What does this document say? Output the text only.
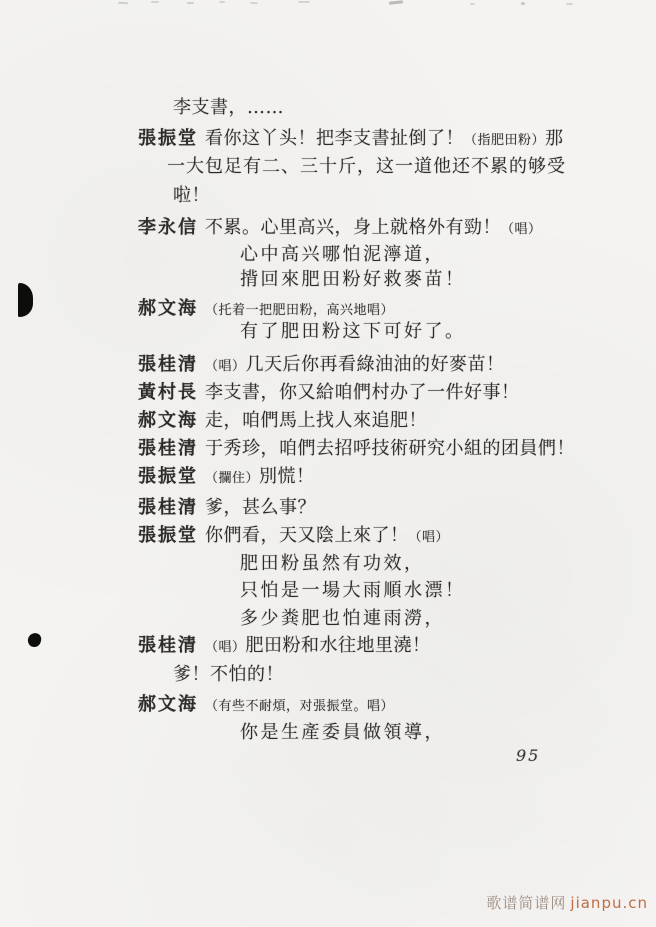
李支書，……
張振堂 看你这丫头！把李支書扯倒了！（指肥田粉）那
一大包足有二、三十斤，这一道他还不累的够受
啦！
李永信 不累。心里高兴，身上就格外有勁！（唱）
心中高兴哪怕泥濘道，
揹回來肥田粉好救麥苗！
郝文海 （托着一把肥田粉，高兴地唱）
有了肥田粉这下可好了。
張桂清 （唱）几天后你再看綠油油的好麥苗！
黃村長 李支書，你又給咱們村办了一件好事！
郝文海 走，咱們馬上找人來追肥！
張桂清 于秀珍，咱們去招呼技術研究小組的团員們！
張振堂 （攔住）別慌！
張桂清 爹，甚么事？
張振堂 你們看，天又陰上來了！（唱）
肥田粉虽然有功效，
只怕是一場大雨順水漂！
多少粪肥也怕連雨澇，
張桂清 （唱）肥田粉和水往地里澆！
爹！不怕的！
郝文海 （有些不耐煩，对張振堂。唱）
你是生產委員做領導，
95
歌谱简谱网 jianpu.cn
